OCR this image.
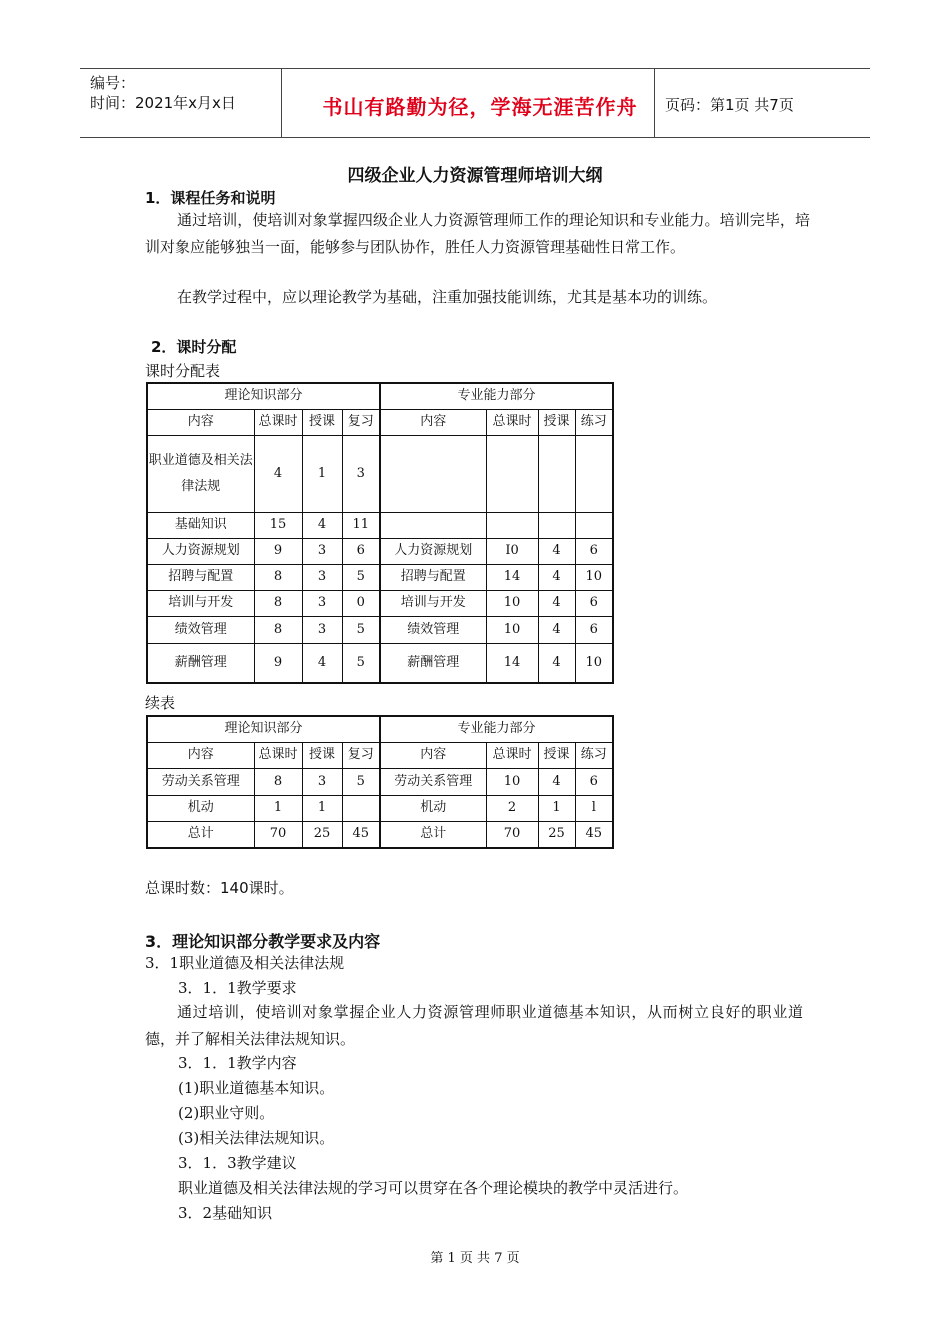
编号：
时间：2021年x月x日	书山有路勤为径，学海无涯苦作舟	页码：第1页 共7页
四级企业人力资源管理师培训大纲
1．课程任务和说明
通过培训，使培训对象掌握四级企业人力资源管理师工作的理论知识和专业能力。培训完毕，培训对象应能够独当一面，能够参与团队协作，胜任人力资源管理基础性日常工作。
在教学过程中，应以理论教学为基础，注重加强技能训练，尤其是基本功的训练。
2．课时分配
课时分配表
理论知识部分				专业能力部分			
内容	总课时	授课	复习	内容	总课时	授课	练习
职业道德及相关法律法规	4	1	3				
基础知识	15	4	11				
人力资源规划	9	3	6	人力资源规划	I0	4	6
招聘与配置	8	3	5	招聘与配置	14	4	10
培训与开发	8	3	0	培训与开发	10	4	6
绩效管理	8	3	5	绩效管理	10	4	6
薪酬管理	9	4	5	薪酬管理	14	4	10
续表
理论知识部分				专业能力部分			
内容	总课时	授课	复习	内容	总课时	授课	练习
劳动关系管理	8	3	5	劳动关系管理	10	4	6
机动	1	1		机动	2	1	l
总计	70	25	45	总计	70	25	45
总课时数：140课时。
3．理论知识部分教学要求及内容
3．1职业道德及相关法律法规
3．1．1教学要求
通过培训，使培训对象掌握企业人力资源管理师职业道德基本知识，从而树立良好的职业道德，并了解相关法律法规知识。
3．1．1教学内容
(1)职业道德基本知识。
(2)职业守则。
(3)相关法律法规知识。
3．1．3教学建议
职业道德及相关法律法规的学习可以贯穿在各个理论模块的教学中灵活进行。
3．2基础知识
第 1 页 共 7 页
